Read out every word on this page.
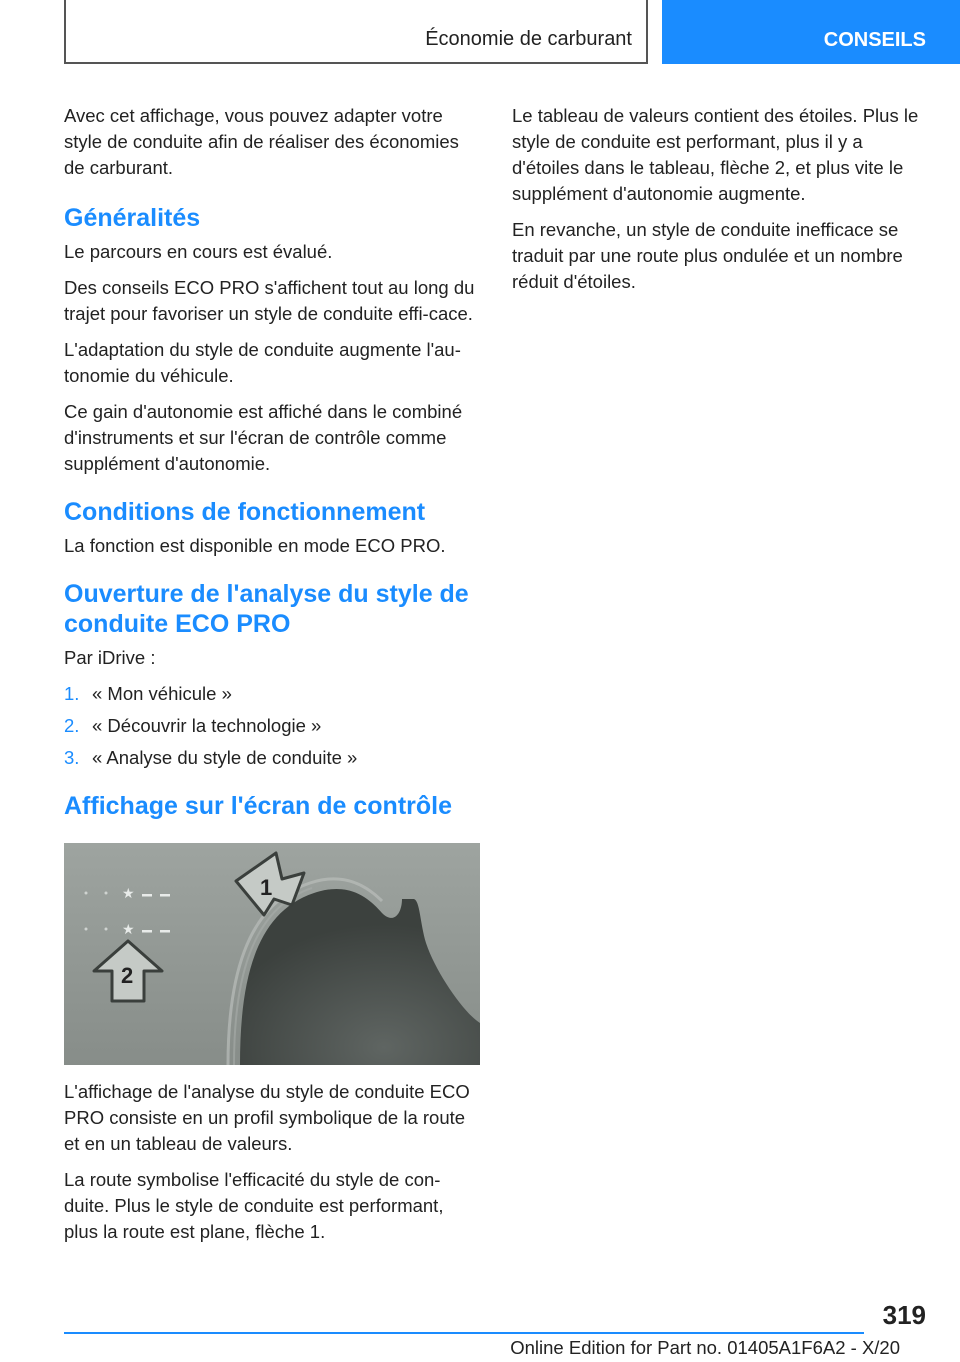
Économie de carburant	CONSEILS

Avec cet affichage, vous pouvez adapter votre style de conduite afin de réaliser des économies de carburant.

Généralités

Le parcours en cours est évalué.

Des conseils ECO PRO s'affichent tout au long du trajet pour favoriser un style de conduite effi-cace.

L'adaptation du style de conduite augmente l'au-tonomie du véhicule.

Ce gain d'autonomie est affiché dans le combiné d'instruments et sur l'écran de contrôle comme supplément d'autonomie.

Conditions de fonctionnement

La fonction est disponible en mode ECO PRO.

Ouverture de l'analyse du style de conduite ECO PRO

Par iDrive :

1. « Mon véhicule »
2. « Découvrir la technologie »
3. « Analyse du style de conduite »
Affichage sur l'écran de contrôle
★
★
1
2

L'affichage de l'analyse du style de conduite ECO PRO consiste en un profil symbolique de la route et en un tableau de valeurs.

La route symbolise l'efficacité du style de con-duite. Plus le style de conduite est performant, plus la route est plane, flèche 1.

Le tableau de valeurs contient des étoiles. Plus le style de conduite est performant, plus il y a d'étoiles dans le tableau, flèche 2, et plus vite le supplément d'autonomie augmente.

En revanche, un style de conduite inefficace se traduit par une route plus ondulée et un nombre réduit d'étoiles.

319
Online Edition for Part no. 01405A1F6A2 - X/20
